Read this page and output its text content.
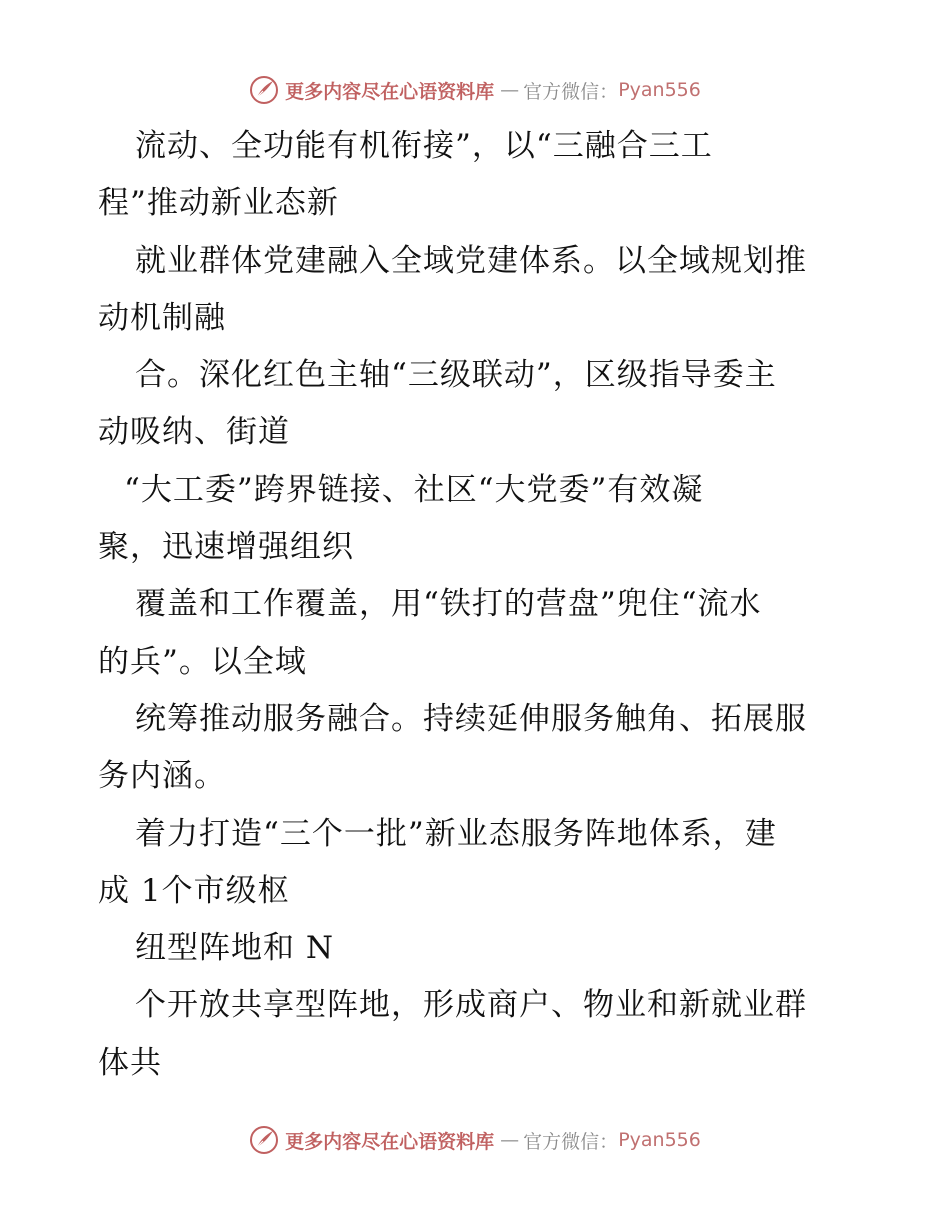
更多内容尽在心语资料库 — 官方微信： Pyan556
流动、全功能有机衔接”，以“三融合三工
程”推动新业态新
就业群体党建融入全域党建体系。以全域规划推
动机制融
合。深化红色主轴“三级联动”，区级指导委主
动吸纳、街道
“大工委”跨界链接、社区“大党委”有效凝
聚，迅速增强组织
覆盖和工作覆盖，用“铁打的营盘”兜住“流水
的兵”。以全域
统筹推动服务融合。持续延伸服务触角、拓展服
务内涵。
着力打造“三个一批”新业态服务阵地体系，建
成 1个市级枢
纽型阵地和 N
个开放共享型阵地，形成商户、物业和新就业群
体共
更多内容尽在心语资料库 — 官方微信： Pyan556
